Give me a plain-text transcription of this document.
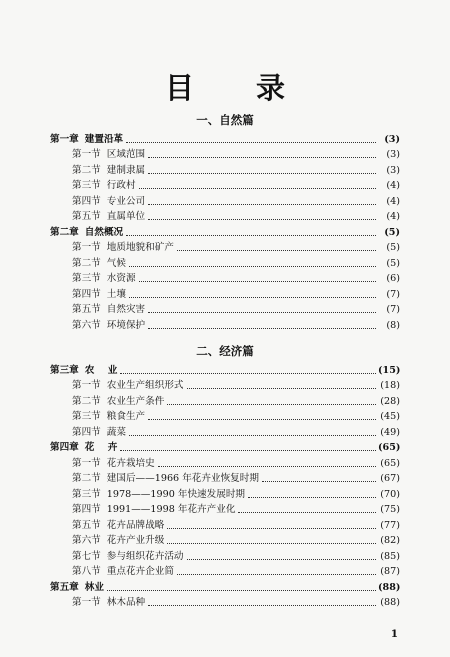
目 录
一、自然篇
第一章 建置沿革	(3)
第一节 区域范围	(3)
第二节 建制隶属	(3)
第三节 行政村	(4)
第四节 专业公司	(4)
第五节 直属单位	(4)
第二章 自然概况	(5)
第一节 地质地貌和矿产	(5)
第二节 气候	(5)
第三节 水资源	(6)
第四节 土壤	(7)
第五节 自然灾害	(7)
第六节 环境保护	(8)
二、经济篇
第三章 农    业	(15)
第一节 农业生产组织形式	(18)
第二节 农业生产条件	(28)
第三节 粮食生产	(45)
第四节 蔬菜	(49)
第四章 花    卉	(65)
第一节 花卉栽培史	(65)
第二节 建国后——1966 年花卉业恢复时期	(67)
第三节 1978——1990 年快速发展时期	(70)
第四节 1991——1998 年花卉产业化	(75)
第五节 花卉品牌战略	(77)
第六节 花卉产业升级	(82)
第七节 参与组织花卉活动	(85)
第八节 重点花卉企业简	(87)
第五章 林业	(88)
第一节 林木品种	(88)
1
